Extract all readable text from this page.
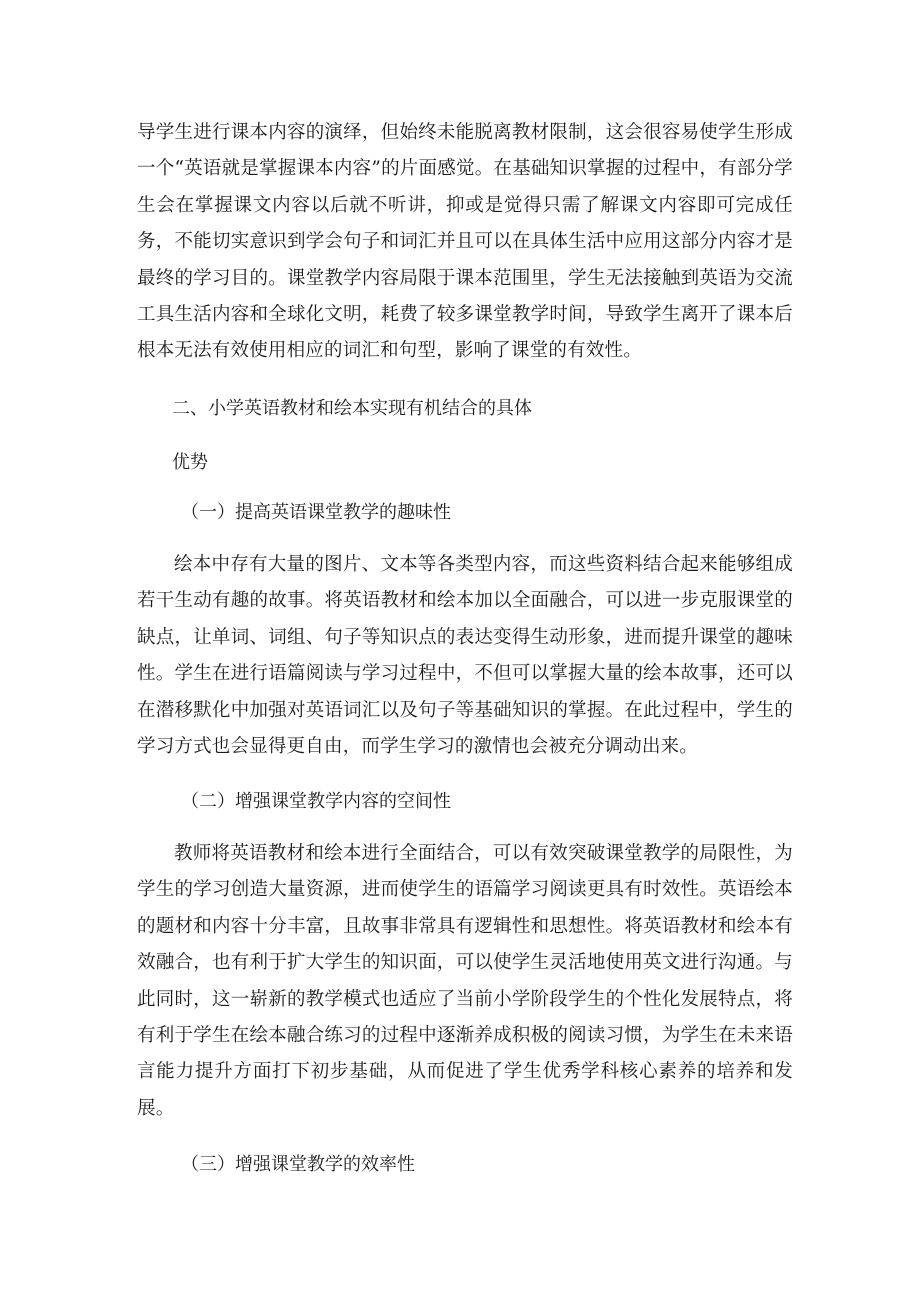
导学生进行课本内容的演绎，但始终未能脱离教材限制，这会很容易使学生形成一个“英语就是掌握课本内容”的片面感觉。在基础知识掌握的过程中，有部分学生会在掌握课文内容以后就不听讲，抑或是觉得只需了解课文内容即可完成任务，不能切实意识到学会句子和词汇并且可以在具体生活中应用这部分内容才是最终的学习目的。课堂教学内容局限于课本范围里，学生无法接触到英语为交流工具生活内容和全球化文明，耗费了较多课堂教学时间，导致学生离开了课本后根本无法有效使用相应的词汇和句型，影响了课堂的有效性。

二、小学英语教材和绘本实现有机结合的具体

优势

（一）提高英语课堂教学的趣味性

绘本中存有大量的图片、文本等各类型内容，而这些资料结合起来能够组成若干生动有趣的故事。将英语教材和绘本加以全面融合，可以进一步克服课堂的缺点，让单词、词组、句子等知识点的表达变得生动形象，进而提升课堂的趣味性。学生在进行语篇阅读与学习过程中，不但可以掌握大量的绘本故事，还可以在潜移默化中加强对英语词汇以及句子等基础知识的掌握。在此过程中，学生的学习方式也会显得更自由，而学生学习的激情也会被充分调动出来。

（二）增强课堂教学内容的空间性

教师将英语教材和绘本进行全面结合，可以有效突破课堂教学的局限性，为学生的学习创造大量资源，进而使学生的语篇学习阅读更具有时效性。英语绘本的题材和内容十分丰富，且故事非常具有逻辑性和思想性。将英语教材和绘本有效融合，也有利于扩大学生的知识面，可以使学生灵活地使用英文进行沟通。与此同时，这一崭新的教学模式也适应了当前小学阶段学生的个性化发展特点，将有利于学生在绘本融合练习的过程中逐渐养成积极的阅读习惯，为学生在未来语言能力提升方面打下初步基础，从而促进了学生优秀学科核心素养的培养和发展。

（三）增强课堂教学的效率性
